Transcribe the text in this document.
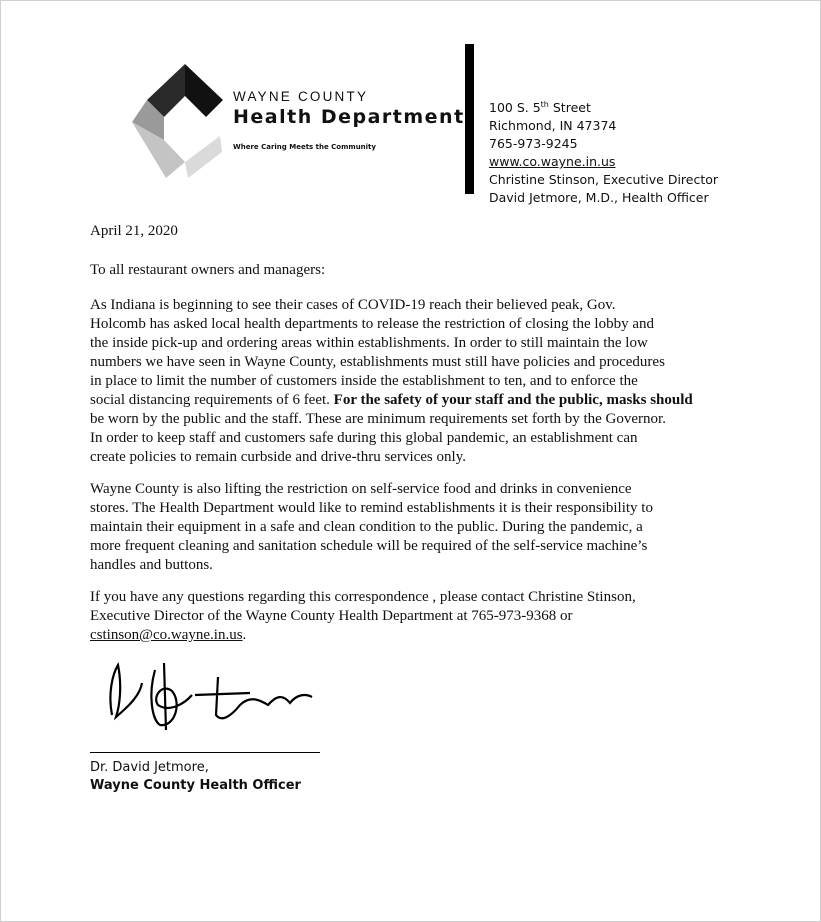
WAYNE COUNTY
Health Department
Where Caring Meets the Community
100 S. 5th Street
Richmond, IN 47374
765-973-9245
www.co.wayne.in.us
Christine Stinson, Executive Director
David Jetmore, M.D., Health Officer
April 21, 2020
To all restaurant owners and managers:
As Indiana is beginning to see their cases of COVID-19 reach their believed peak, Gov.
Holcomb has asked local health departments to release the restriction of closing the lobby and
the inside pick-up and ordering areas within establishments. In order to still maintain the low
numbers we have seen in Wayne County, establishments must still have policies and procedures
in place to limit the number of customers inside the establishment to ten, and to enforce the
social distancing requirements of 6 feet. For the safety of your staff and the public, masks should
be worn by the public and the staff. These are minimum requirements set forth by the Governor.
In order to keep staff and customers safe during this global pandemic, an establishment can
create policies to remain curbside and drive-thru services only.
Wayne County is also lifting the restriction on self-service food and drinks in convenience
stores. The Health Department would like to remind establishments it is their responsibility to
maintain their equipment in a safe and clean condition to the public. During the pandemic, a
more frequent cleaning and sanitation schedule will be required of the self-service machine’s
handles and buttons.
If you have any questions regarding this correspondence , please contact Christine Stinson,
Executive Director of the Wayne County Health Department at 765-973-9368 or
cstinson@co.wayne.in.us.
Dr. David Jetmore,
Wayne County Health Officer
